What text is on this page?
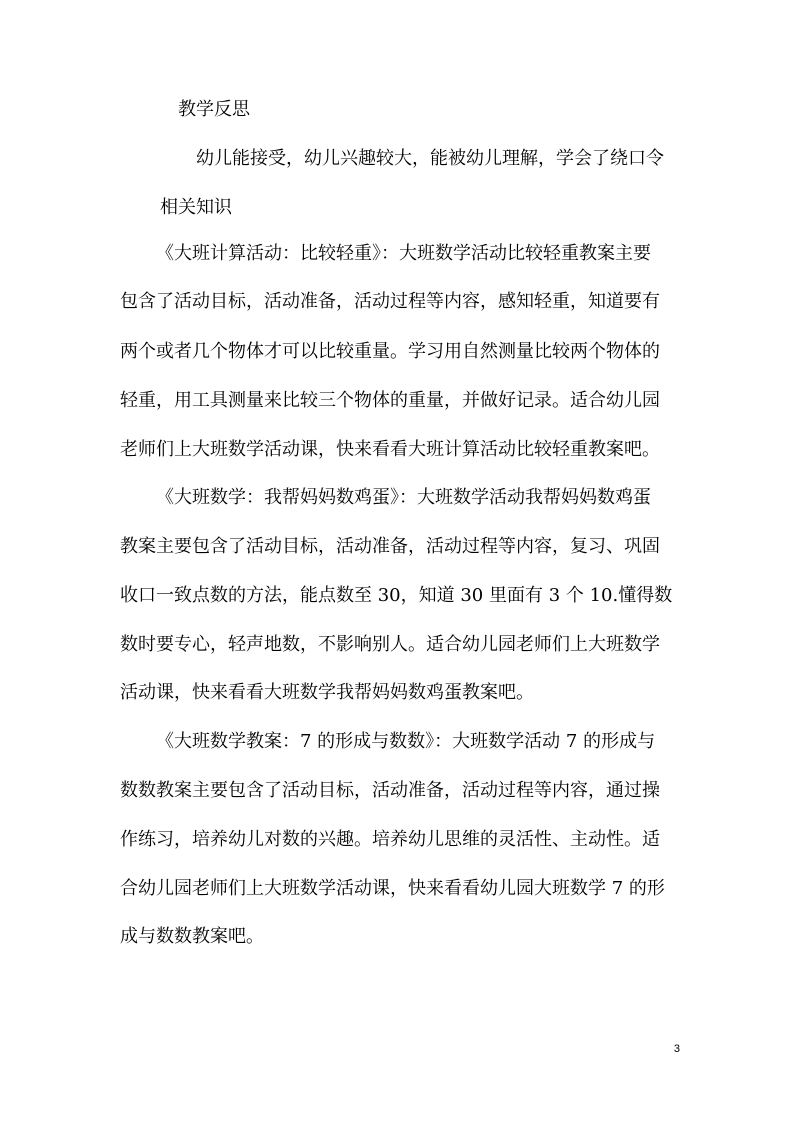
教学反思
幼儿能接受，幼儿兴趣较大，能被幼儿理解，学会了绕口令
相关知识
《大班计算活动：比较轻重》：大班数学活动比较轻重教案主要
包含了活动目标，活动准备，活动过程等内容，感知轻重，知道要有
两个或者几个物体才可以比较重量。学习用自然测量比较两个物体的
轻重，用工具测量来比较三个物体的重量，并做好记录。适合幼儿园
老师们上大班数学活动课，快来看看大班计算活动比较轻重教案吧。
《大班数学：我帮妈妈数鸡蛋》：大班数学活动我帮妈妈数鸡蛋
教案主要包含了活动目标，活动准备，活动过程等内容，复习、巩固
收口一致点数的方法，能点数至 30，知道 30 里面有 3 个 10.懂得数
数时要专心，轻声地数，不影响别人。适合幼儿园老师们上大班数学
活动课，快来看看大班数学我帮妈妈数鸡蛋教案吧。
《大班数学教案：7 的形成与数数》：大班数学活动 7 的形成与
数数教案主要包含了活动目标，活动准备，活动过程等内容，通过操
作练习，培养幼儿对数的兴趣。培养幼儿思维的灵活性、主动性。适
合幼儿园老师们上大班数学活动课，快来看看幼儿园大班数学 7 的形
成与数数教案吧。
3
